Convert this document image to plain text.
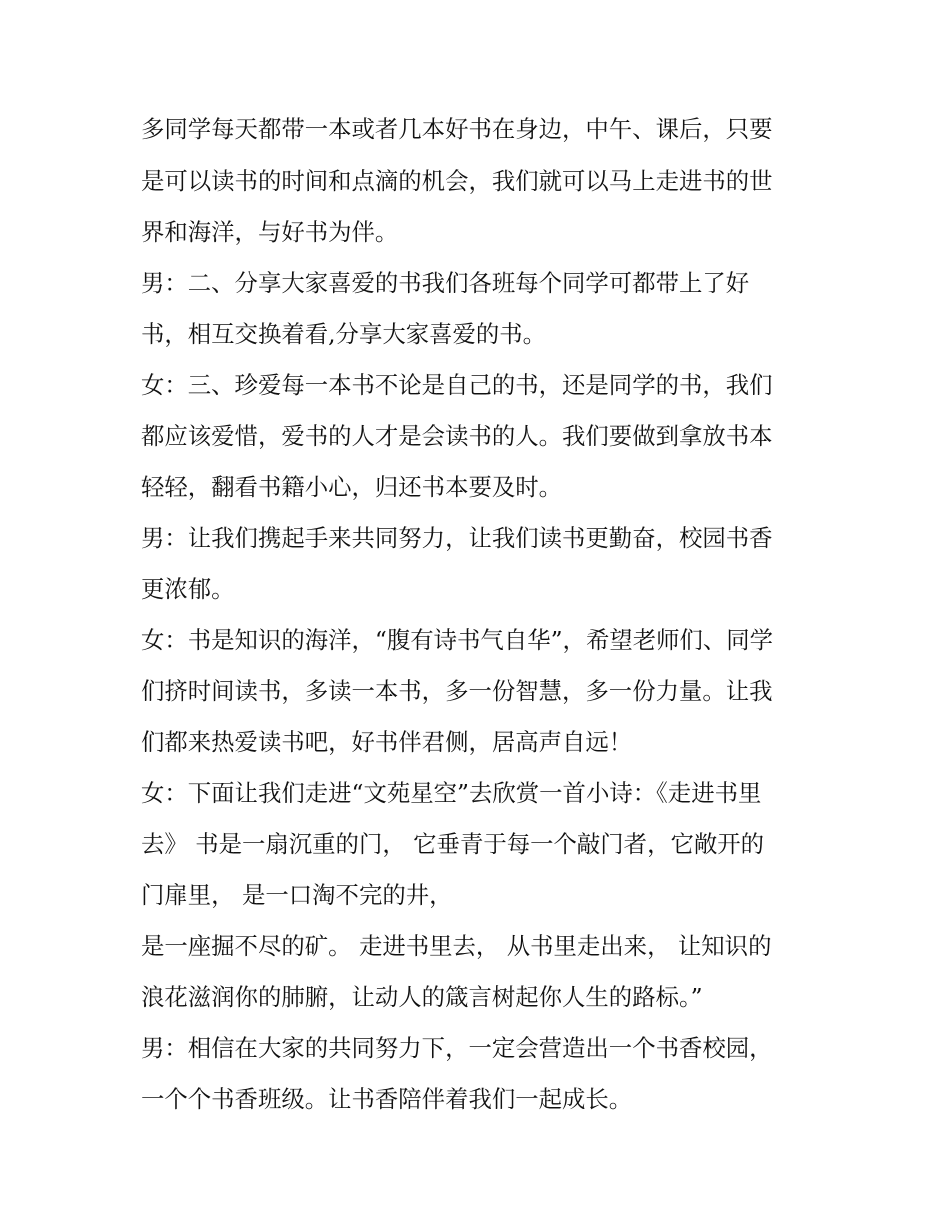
多同学每天都带一本或者几本好书在身边，中午、课后，只要
是可以读书的时间和点滴的机会，我们就可以马上走进书的世
界和海洋，与好书为伴。
男：二、分享大家喜爱的书我们各班每个同学可都带上了好
书，相互交换着看,分享大家喜爱的书。
女：三、珍爱每一本书不论是自己的书，还是同学的书，我们
都应该爱惜，爱书的人才是会读书的人。我们要做到拿放书本
轻轻，翻看书籍小心，归还书本要及时。
男：让我们携起手来共同努力，让我们读书更勤奋，校园书香
更浓郁。
女：书是知识的海洋，“腹有诗书气自华”，希望老师们、同学
们挤时间读书，多读一本书，多一份智慧，多一份力量。让我
们都来热爱读书吧，好书伴君侧，居高声自远！
女：下面让我们走进“文苑星空”去欣赏一首小诗：《走进书里
去》 书是一扇沉重的门， 它垂青于每一个敲门者，它敞开的
门扉里， 是一口淘不完的井，
是一座掘不尽的矿。 走进书里去， 从书里走出来， 让知识的
浪花滋润你的肺腑，让动人的箴言树起你人生的路标。”
男：相信在大家的共同努力下，一定会营造出一个书香校园，
一个个书香班级。让书香陪伴着我们一起成长。
